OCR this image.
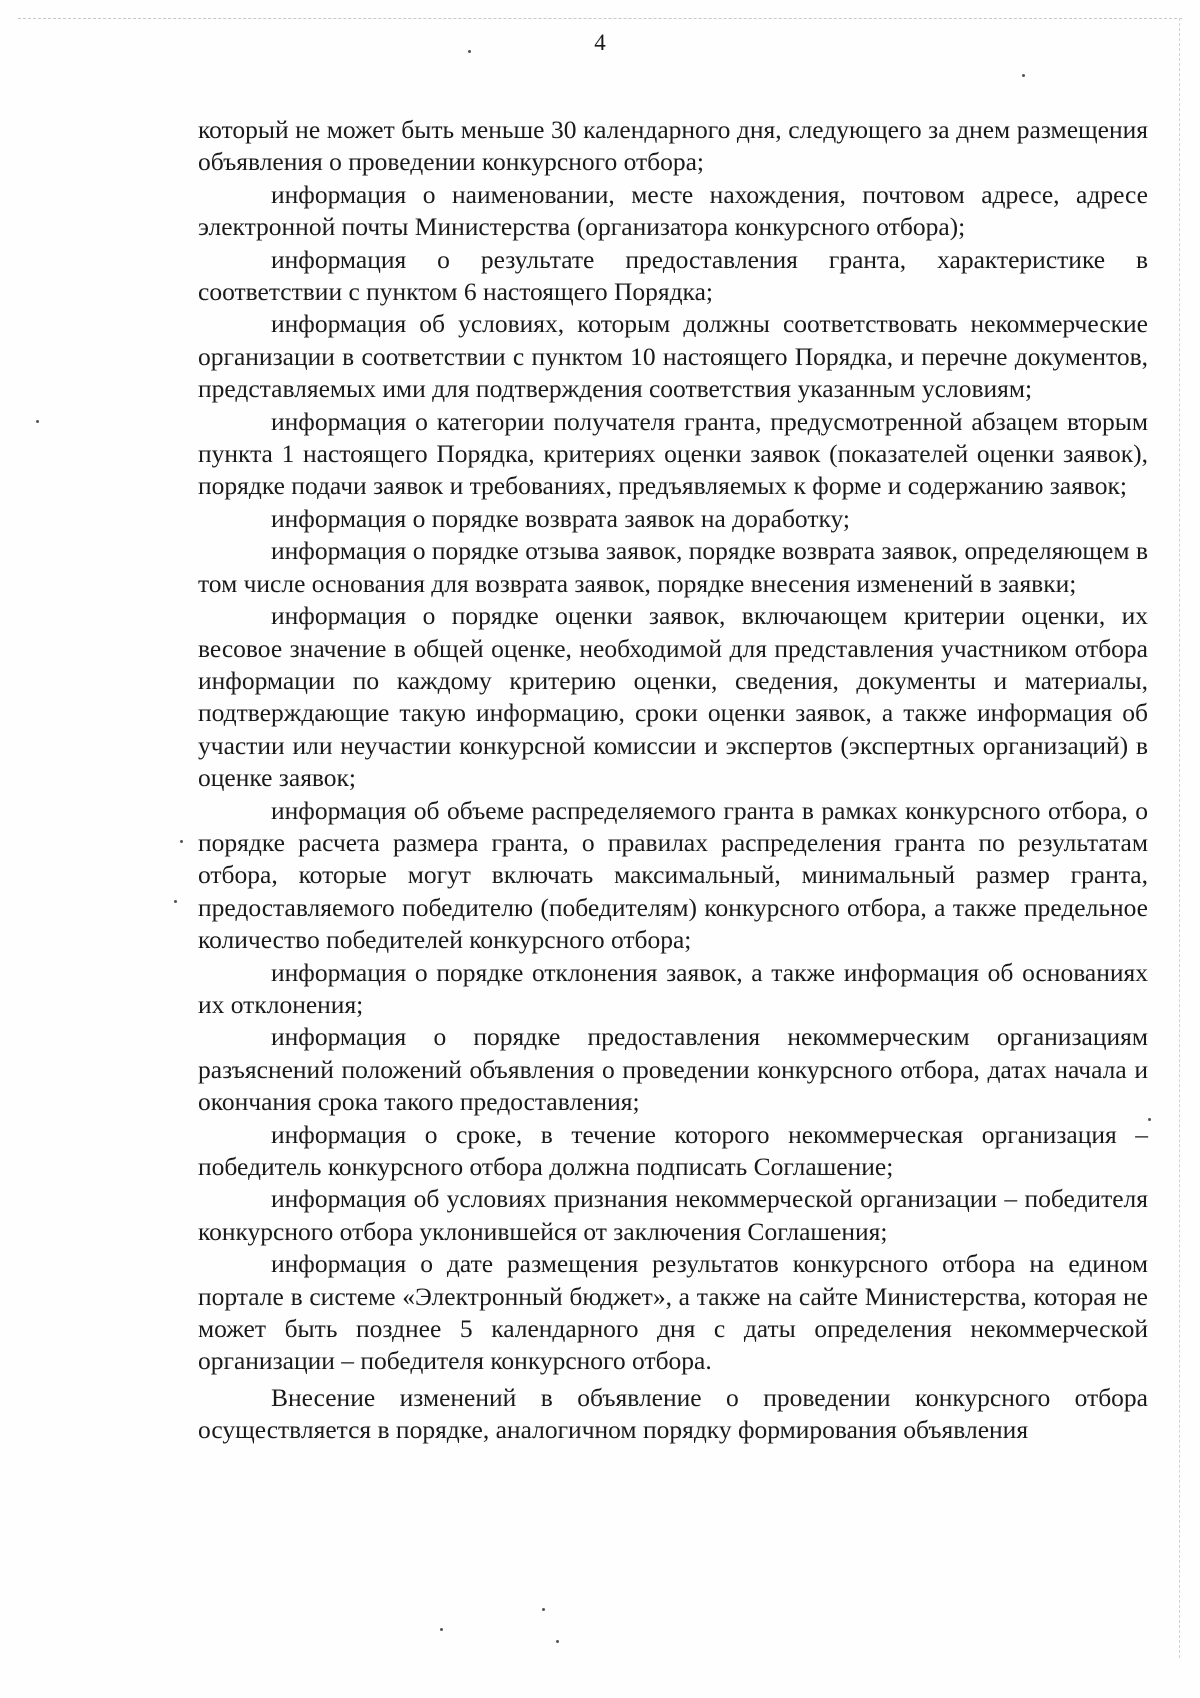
4

который не может быть меньше 30 календарного дня, следующего за днем размещения объявления о проведении конкурсного отбора;

информация о наименовании, месте нахождения, почтовом адресе, адресе электронной почты Министерства (организатора конкурсного отбора);

информация о результате предоставления гранта, характеристике в соответствии с пунктом 6 настоящего Порядка;

информация об условиях, которым должны соответствовать некоммерческие организации в соответствии с пунктом 10 настоящего Порядка, и перечне документов, представляемых ими для подтверждения соответствия указанным условиям;

информация о категории получателя гранта, предусмотренной абзацем вторым пункта 1 настоящего Порядка, критериях оценки заявок (показателей оценки заявок), порядке подачи заявок и требованиях, предъявляемых к форме и содержанию заявок;

информация о порядке возврата заявок на доработку;

информация о порядке отзыва заявок, порядке возврата заявок, определяющем в том числе основания для возврата заявок, порядке внесения изменений в заявки;

информация о порядке оценки заявок, включающем критерии оценки, их весовое значение в общей оценке, необходимой для представления участником отбора информации по каждому критерию оценки, сведения, документы и материалы, подтверждающие такую информацию, сроки оценки заявок, а также информация об участии или неучастии конкурсной комиссии и экспертов (экспертных организаций) в оценке заявок;

информация об объеме распределяемого гранта в рамках конкурсного отбора, о порядке расчета размера гранта, о правилах распределения гранта по результатам отбора, которые могут включать максимальный, минимальный размер гранта, предоставляемого победителю (победителям) конкурсного отбора, а также предельное количество победителей конкурсного отбора;

информация о порядке отклонения заявок, а также информация об основаниях их отклонения;

информация о порядке предоставления некоммерческим организациям разъяснений положений объявления о проведении конкурсного отбора, датах начала и окончания срока такого предоставления;

информация о сроке, в течение которого некоммерческая организация – победитель конкурсного отбора должна подписать Соглашение;

информация об условиях признания некоммерческой организации – победителя конкурсного отбора уклонившейся от заключения Соглашения;

информация о дате размещения результатов конкурсного отбора на едином портале в системе «Электронный бюджет», а также на сайте Министерства, которая не может быть позднее 5 календарного дня с даты определения некоммерческой организации – победителя конкурсного отбора.

Внесение изменений в объявление о проведении конкурсного отбора осуществляется в порядке, аналогичном порядку формирования объявления
